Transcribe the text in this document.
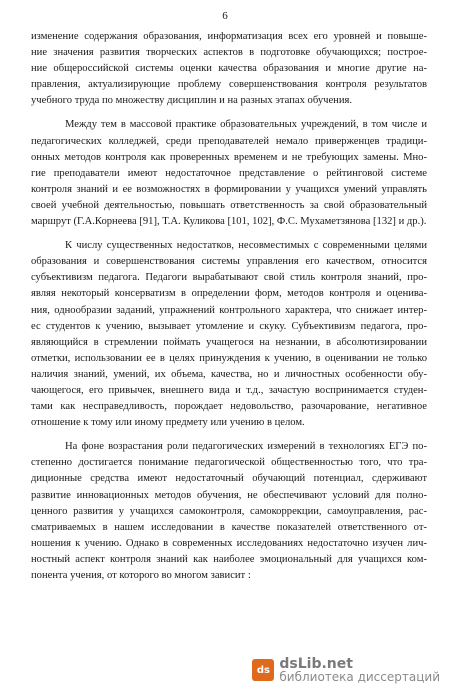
6
изменение содержания образования, информатизация всех его уровней и повыше-
ние значения развития творческих аспектов в подготовке обучающихся; построе-
ние общероссийской системы оценки качества образования и многие другие на-
правления, актуализирующие проблему совершенствования контроля результатов
учебного труда по множеству дисциплин и на разных этапах обучения.
Между тем в массовой практике образовательных учреждений, в том числе и
педагогических колледжей, среди преподавателей немало приверженцев традици-
онных методов контроля как проверенных временем и не требующих замены. Мно-
гие преподаватели имеют недостаточное представление о рейтинговой системе
контроля знаний и ее возможностях в формировании у учащихся умений управлять
своей учебной деятельностью, повышать ответственность за свой образовательный
маршрут (Г.А.Корнеева [91], Т.А. Куликова [101, 102], Ф.С. Мухаметзянова [132] и др.).
К числу существенных недостатков, несовместимых с современными целями
образования и совершенствования системы управления его качеством, относится
субъективизм педагога. Педагоги вырабатывают свой стиль контроля знаний, про-
являя некоторый консерватизм в определении форм, методов контроля и оценива-
ния, однообразии заданий, упражнений контрольного характера, что снижает интер-
ес студентов к учению, вызывает утомление и скуку. Субъективизм педагога, про-
являющийся в стремлении поймать учащегося на незнании, в абсолютизировании
отметки, использовании ее в целях принуждения к учению, в оценивании не только
наличия знаний, умений, их объема, качества, но и личностных особенности обу-
чающегося, его привычек, внешнего вида и т.д., зачастую воспринимается студен-
тами как несправедливость, порождает недовольство, разочарование, негативное
отношение к тому или иному предмету или учению в целом.
На фоне возрастания роли педагогических измерений в технологиях ЕГЭ по-
степенно достигается понимание педагогической общественностью того, что тра-
диционные средства имеют недостаточный обучающий потенциал, сдерживают
развитие инновационных методов обучения, не обеспечивают условий для полно-
ценного развития у учащихся самоконтроля, самокоррекции, самоуправления, рас-
сматриваемых в нашем исследовании в качестве показателей ответственного от-
ношения к учению. Однако в современных исследованиях недостаточно изучен лич-
ностный аспект контроля знаний как наиболее эмоциональный для учащихся ком-
понента учения, от которого во многом зависит :
ds dsLib.net
библиотека диссертаций
